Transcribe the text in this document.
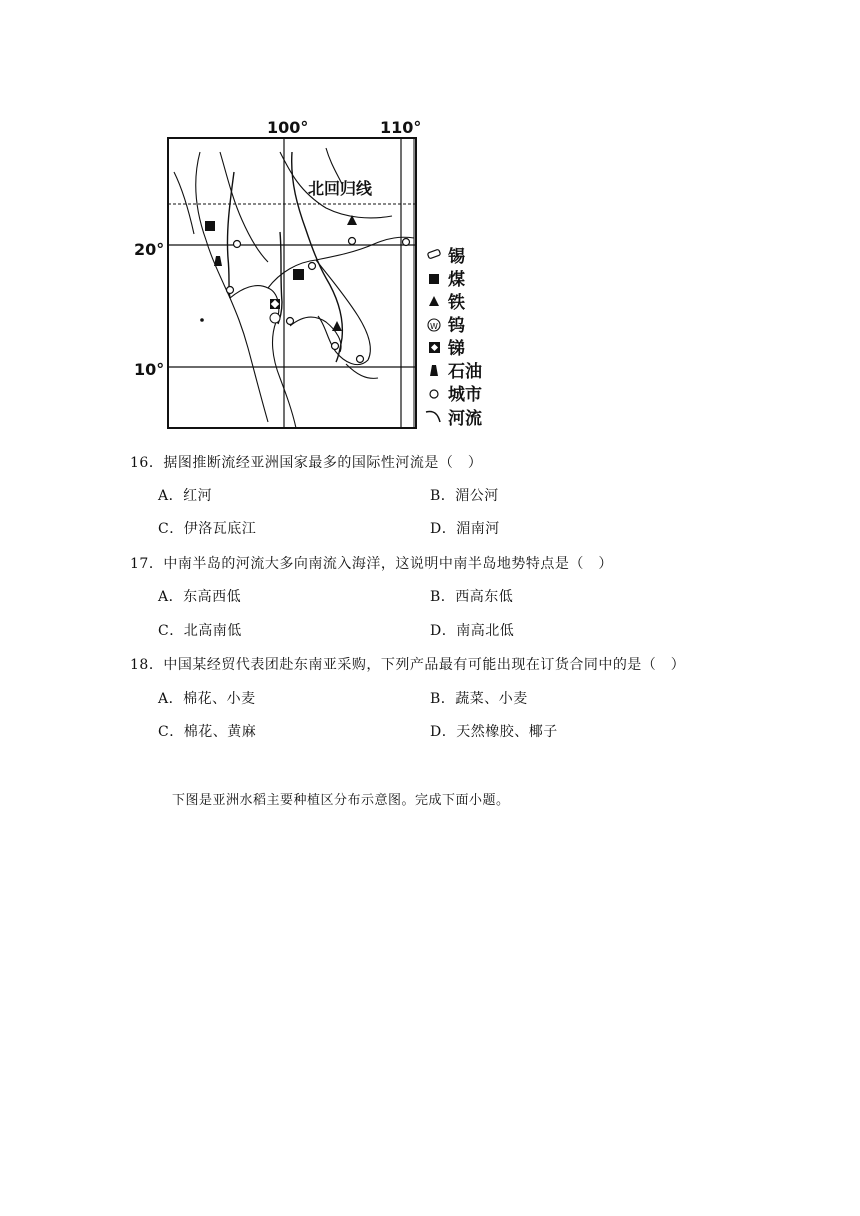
100°	110°
20°
10°
北回归线
W
锡
煤
铁
钨
锑
石油
城市
河流
16．据图推断流经亚洲国家最多的国际性河流是（　）
A．红河	B．湄公河
C．伊洛瓦底江	D．湄南河
17．中南半岛的河流大多向南流入海洋，这说明中南半岛地势特点是（　）
A．东高西低	B．西高东低
C．北高南低	D．南高北低
18．中国某经贸代表团赴东南亚采购，下列产品最有可能出现在订货合同中的是（　）
A．棉花、小麦	B．蔬菜、小麦
C．棉花、黄麻	D．天然橡胶、椰子
下图是亚洲水稻主要种植区分布示意图。完成下面小题。
